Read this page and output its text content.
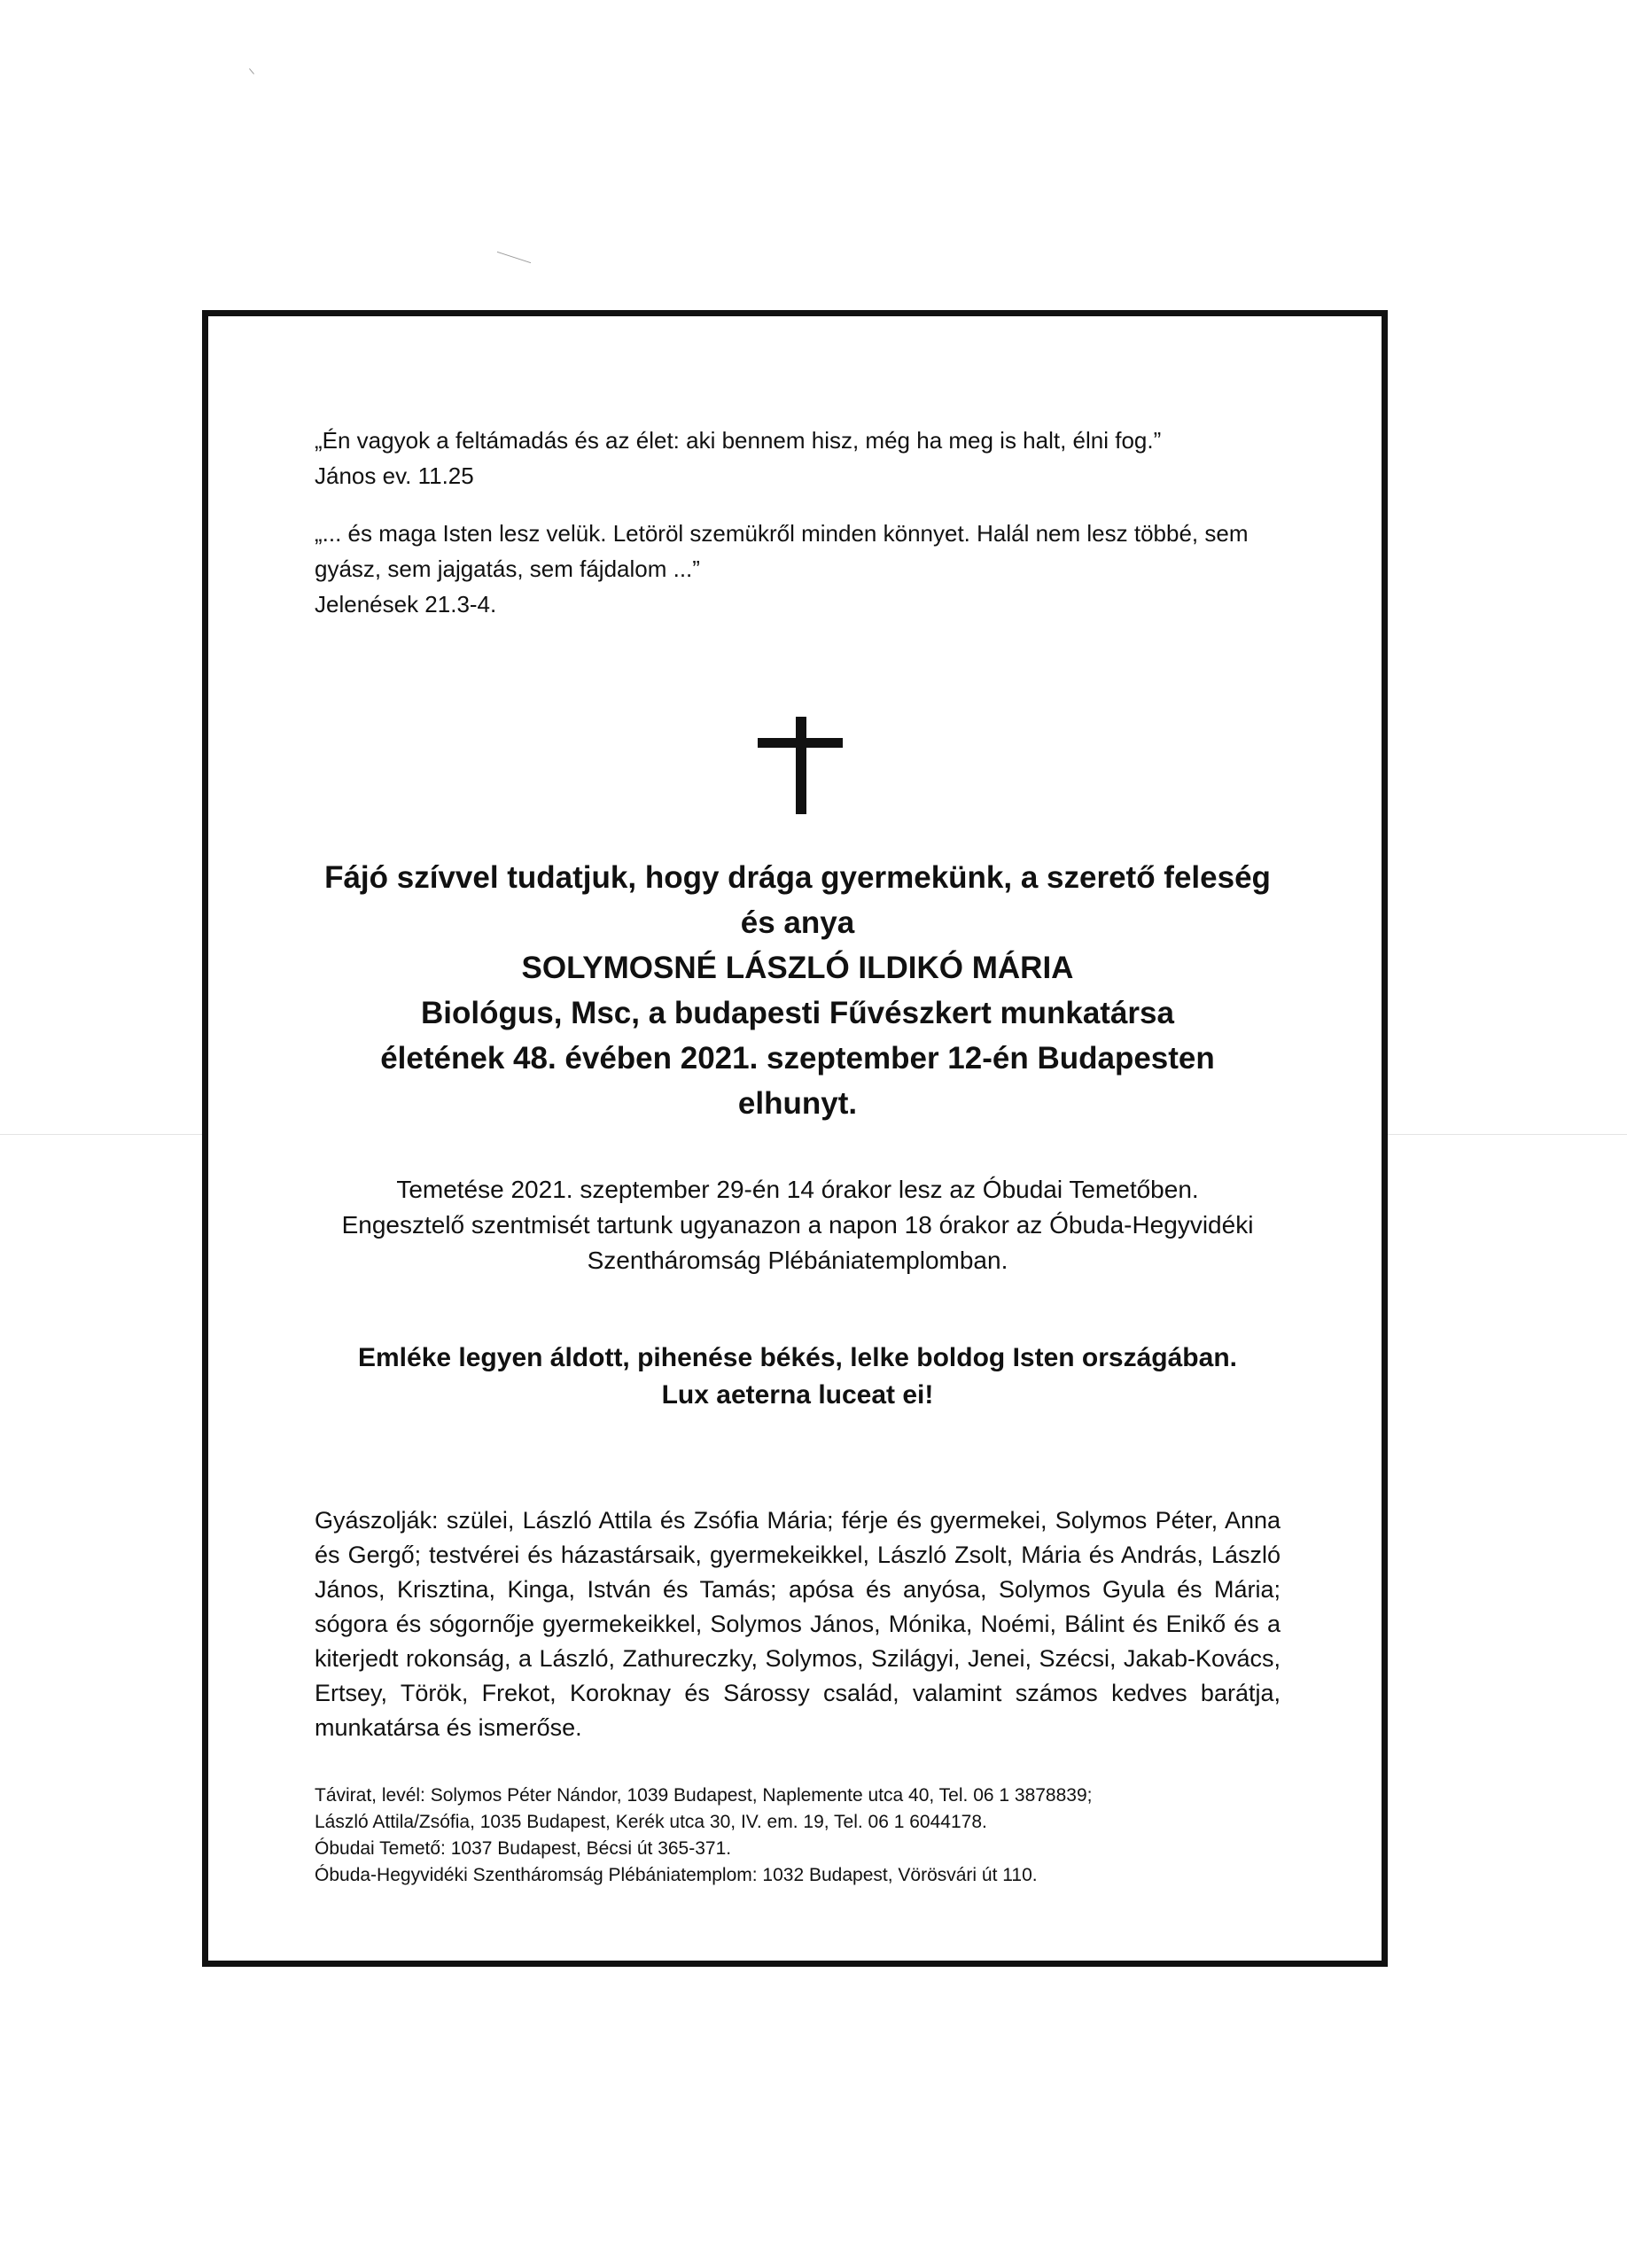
„Én vagyok a feltámadás és az élet: aki bennem hisz, még ha meg is halt, élni fog.”

János ev. 11.25

„... és maga Isten lesz velük. Letöröl szemükről minden könnyet. Halál nem lesz többé, sem

gyász, sem jajgatás, sem fájdalom ...”

Jelenések 21.3-4.

Fájó szívvel tudatjuk, hogy drága gyermekünk, a szerető feleség

és anya

SOLYMOSNÉ LÁSZLÓ ILDIKÓ MÁRIA

Biológus, Msc, a budapesti Fűvészkert munkatársa

életének 48. évében 2021. szeptember 12-én Budapesten

elhunyt.

Temetése 2021. szeptember 29-én 14 órakor lesz az Óbudai Temetőben.

Engesztelő szentmisét tartunk ugyanazon a napon 18 órakor az Óbuda-Hegyvidéki

Szentháromság Plébániatemplomban.

Emléke legyen áldott, pihenése békés, lelke boldog Isten országában.

Lux aeterna luceat ei!

Gyászolják: szülei, László Attila és Zsófia Mária; férje és gyermekei, Solymos Péter, Anna és Gergő; testvérei és házastársaik, gyermekeikkel, László Zsolt, Mária és András, László János, Krisztina, Kinga, István és Tamás; apósa és anyósa, Solymos Gyula és Mária; sógora és sógornője gyermekeikkel, Solymos János, Mónika, Noémi, Bálint és Enikő és a kiterjedt rokonság, a László, Zathureczky, Solymos, Szilágyi, Jenei, Szécsi, Jakab-Kovács, Ertsey, Török, Frekot, Koroknay és Sárossy család, valamint számos kedves barátja, munkatársa és ismerőse.

Távirat, levél: Solymos Péter Nándor, 1039 Budapest, Naplemente utca 40, Tel. 06 1 3878839;

László Attila/Zsófia, 1035 Budapest, Kerék utca 30, IV. em. 19, Tel. 06 1 6044178.

Óbudai Temető: 1037 Budapest, Bécsi út 365-371.

Óbuda-Hegyvidéki Szentháromság Plébániatemplom: 1032 Budapest, Vörösvári út 110.
